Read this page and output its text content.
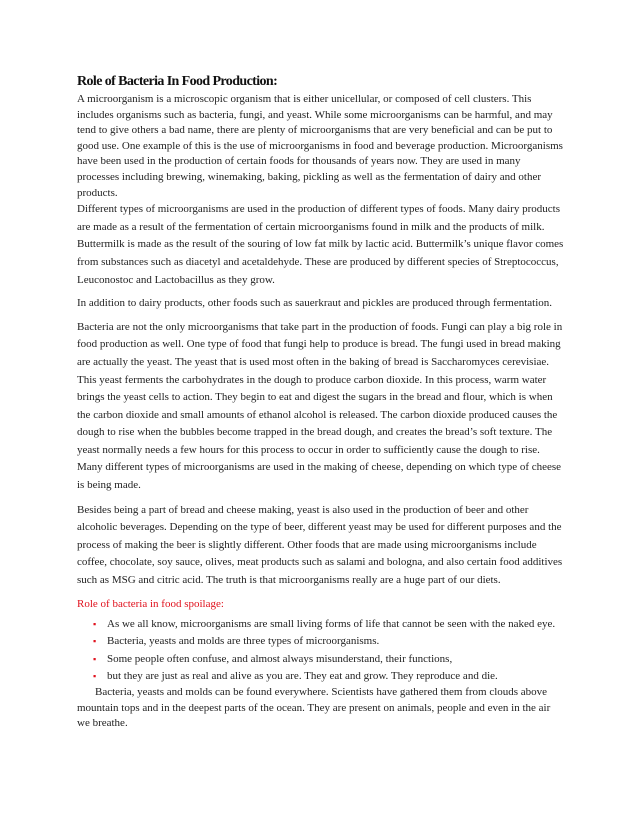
Role of Bacteria In Food Production:

A microorganism is a microscopic organism that is either unicellular, or composed of cell clusters. This includes organisms such as bacteria, fungi, and yeast. While some microorganisms can be harmful, and may tend to give others a bad name, there are plenty of microorganisms that are very beneficial and can be put to good use. One example of this is the use of microorganisms in food and beverage production. Microorganisms have been used in the production of certain foods for thousands of years now. They are used in many processes including brewing, winemaking, baking, pickling as well as the fermentation of dairy and other products.

Different types of microorganisms are used in the production of different types of foods. Many dairy products are made as a result of the fermentation of certain microorganisms found in milk and the products of milk. Buttermilk is made as the result of the souring of low fat milk by lactic acid. Buttermilk’s unique flavor comes from substances such as diacetyl and acetaldehyde. These are produced by different species of Streptococcus, Leuconostoc and Lactobacillus as they grow.

In addition to dairy products, other foods such as sauerkraut and pickles are produced through fermentation.

Bacteria are not the only microorganisms that take part in the production of foods. Fungi can play a big role in food production as well. One type of food that fungi help to produce is bread. The fungi used in bread making are actually the yeast. The yeast that is used most often in the baking of bread is Saccharomyces cerevisiae. This yeast ferments the carbohydrates in the dough to produce carbon dioxide. In this process, warm water brings the yeast cells to action. They begin to eat and digest the sugars in the bread and flour, which is when the carbon dioxide and small amounts of ethanol alcohol is released. The carbon dioxide produced causes the dough to rise when the bubbles become trapped in the bread dough, and creates the bread’s soft texture. The yeast normally needs a few hours for this process to occur in order to sufficiently cause the dough to rise. Many different types of microorganisms are used in the making of cheese, depending on which type of cheese is being made.

Besides being a part of bread and cheese making, yeast is also used in the production of beer and other alcoholic beverages. Depending on the type of beer, different yeast may be used for different purposes and the process of making the beer is slightly different. Other foods that are made using microorganisms include coffee, chocolate, soy sauce, olives, meat products such as salami and bologna, and also certain food additives such as MSG and citric acid. The truth is that microorganisms really are a huge part of our diets.

Role of bacteria in food spoilage:
▪ As we all know, microorganisms are small living forms of life that cannot be seen with the naked eye.
▪ Bacteria, yeasts and molds are three types of microorganisms.
▪ Some people often confuse, and almost always misunderstand, their functions,
▪ but they are just as real and alive as you are. They eat and grow. They reproduce and die.

Bacteria, yeasts and molds can be found everywhere. Scientists have gathered them from clouds above mountain tops and in the deepest parts of the ocean. They are present on animals, people and even in the air we breathe.
